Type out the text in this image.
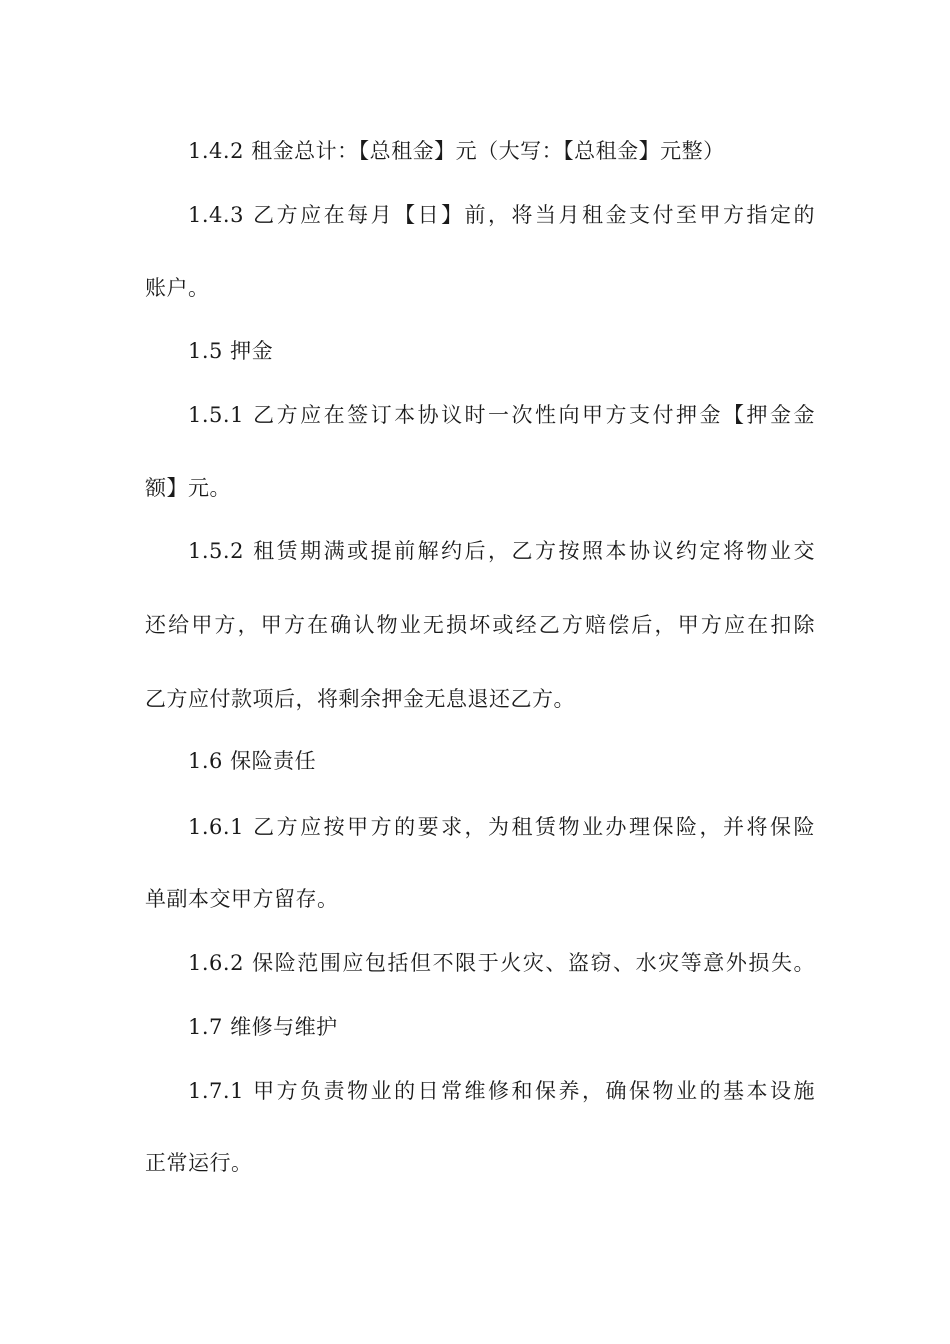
1.4.2 租金总计：【总租金】元（大写：【总租金】元整）
1.4.3 乙方应在每月【日】前，将当月租金支付至甲方指定的
账户。
1.5 押金
1.5.1 乙方应在签订本协议时一次性向甲方支付押金【押金金
额】元。
1.5.2 租赁期满或提前解约后，乙方按照本协议约定将物业交
还给甲方，甲方在确认物业无损坏或经乙方赔偿后，甲方应在扣除
乙方应付款项后，将剩余押金无息退还乙方。
1.6 保险责任
1.6.1 乙方应按甲方的要求，为租赁物业办理保险，并将保险
单副本交甲方留存。
1.6.2 保险范围应包括但不限于火灾、盗窃、水灾等意外损失。
1.7 维修与维护
1.7.1 甲方负责物业的日常维修和保养，确保物业的基本设施
正常运行。
